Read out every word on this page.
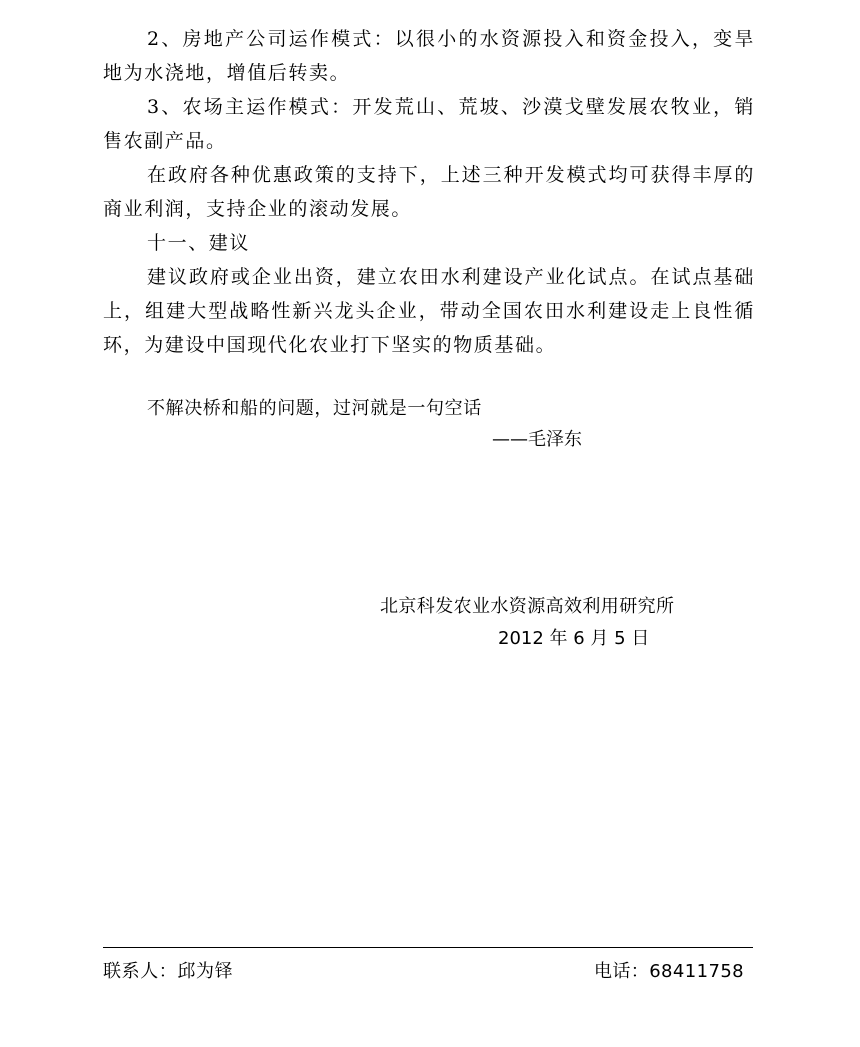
2、房地产公司运作模式：以很小的水资源投入和资金投入，变旱地为水浇地，增值后转卖。

3、农场主运作模式：开发荒山、荒坡、沙漠戈壁发展农牧业，销售农副产品。

在政府各种优惠政策的支持下，上述三种开发模式均可获得丰厚的商业利润，支持企业的滚动发展。

十一、建议

建议政府或企业出资，建立农田水利建设产业化试点。在试点基础上，组建大型战略性新兴龙头企业，带动全国农田水利建设走上良性循环，为建设中国现代化农业打下坚实的物质基础。

不解决桥和船的问题，过河就是一句空话
——毛泽东
北京科发农业水资源高效利用研究所
2012 年 6 月 5 日
联系人：邱为铎	电话：68411758
